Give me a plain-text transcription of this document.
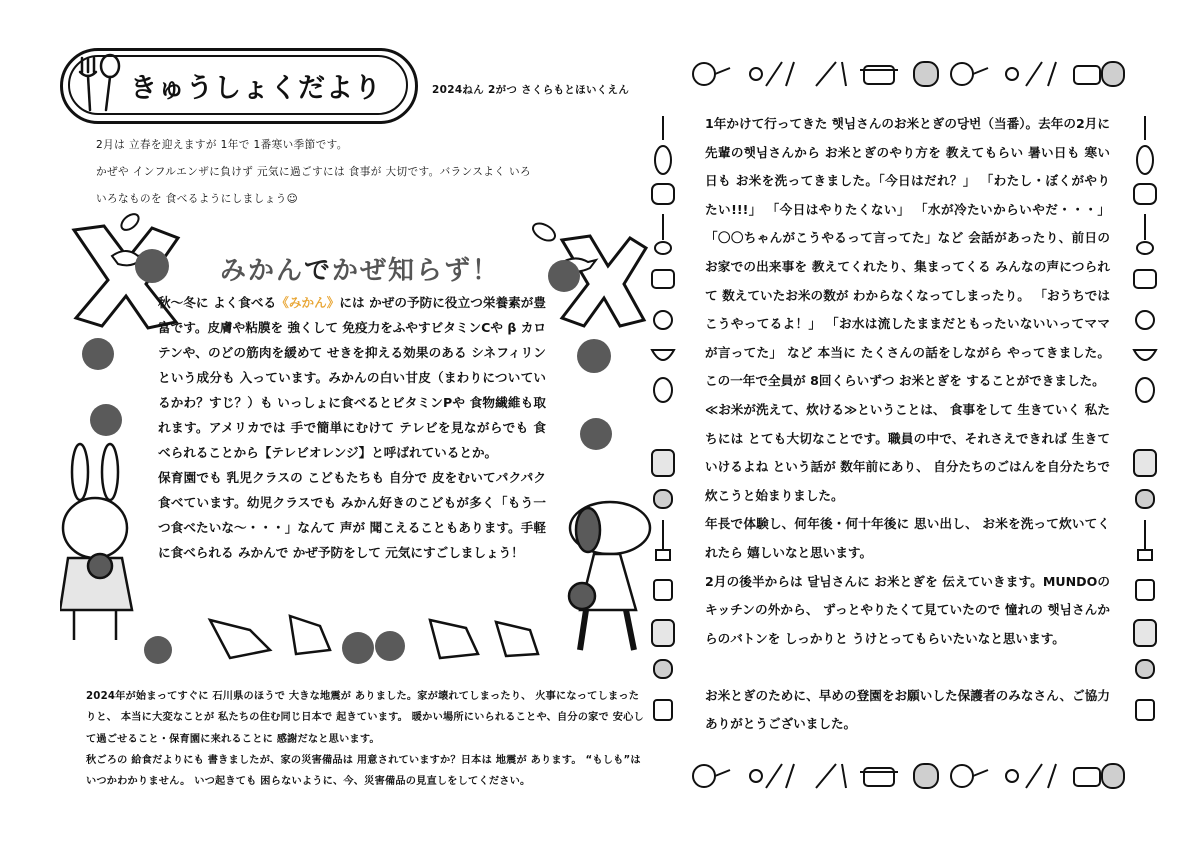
きゅうしょくだより	2024ねん 2がつ さくらもとほいくえん

2月は 立春を迎えますが 1年で 1番寒い季節です。

かぜや インフルエンザに負けず 元気に過ごすには 食事が 大切です。バランスよく いろ

いろなものを 食べるようにしましょう☺

みかんでかぜ知らず！

秋～冬に よく食べる《みかん》には かぜの予防に役立つ栄養素が豊富です。皮膚や粘膜を 強くして 免疫力をふやすビタミンCや β カロテンや、のどの筋肉を緩めて せきを抑える効果のある シネフィリンという成分も 入っています。みかんの白い甘皮（まわりについているかわ？すじ？）も いっしょに食べるとビタミンPや 食物繊維も取れます。アメリカでは 手で簡単にむけて テレビを見ながらでも 食べられることから【テレビオレンジ】と呼ばれているとか。

保育園でも 乳児クラスの こどもたちも 自分で 皮をむいてパクパク食べています。幼児クラスでも みかん好きのこどもが多く「もう一つ食べたいな～・・・」なんて 声が 聞こえることもあります。手軽に食べられる みかんで かぜ予防をして 元気にすごしましょう！

2024年が始まってすぐに 石川県のほうで 大きな地震が ありました。家が壊れてしまったり、 火事になってしまったりと、 本当に大変なことが 私たちの住む同じ日本で 起きています。 暖かい場所にいられることや、自分の家で 安心して過ごせること・保育園に来れることに 感謝だなと思います。

秋ごろの 給食だよりにも 書きましたが、家の災害備品は 用意されていますか？日本は 地震が あります。 “もしも”は いつかわかりません。 いつ起きても 困らないように、今、災害備品の見直しをしてください。

1年かけて行ってきた 햇님さんのお米とぎの당번（当番）。去年の2月に 先輩の햇님さんから お米とぎのやり方を 教えてもらい 暑い日も 寒い日も お米を洗ってきました。「今日はだれ？」 「わたし・ぼくがやりたい!!!」 「今日はやりたくない」 「水が冷たいからいやだ・・・」 「〇〇ちゃんがこうやるって言ってた」など 会話があったり、前日の お家での出来事を 教えてくれたり、集まってくる みんなの声につられて 数えていたお米の数が わからなくなってしまったり。 「おうちではこうやってるよ！」 「お水は流したままだともったいないいってママが言ってた」 など 本当に たくさんの話をしながら やってきました。 この一年で全員が 8回くらいずつ お米とぎを することができました。

≪お米が洗えて、炊ける≫ということは、 食事をして 生きていく 私たちには とても大切なことです。職員の中で、それさえできれば 生きていけるよね という話が 数年前にあり、 自分たちのごはんを自分たちで炊こうと始まりました。

年長で体験し、何年後・何十年後に 思い出し、 お米を洗って炊いてくれたら 嬉しいなと思います。

2月の後半からは 달님さんに お米とぎを 伝えていきます。MUNDOのキッチンの外から、 ずっとやりたくて見ていたので 憧れの 햇님さんからのバトンを しっかりと うけとってもらいたいなと思います。

お米とぎのために、早めの登園をお願いした保護者のみなさん、ご協力ありがとうございました。
